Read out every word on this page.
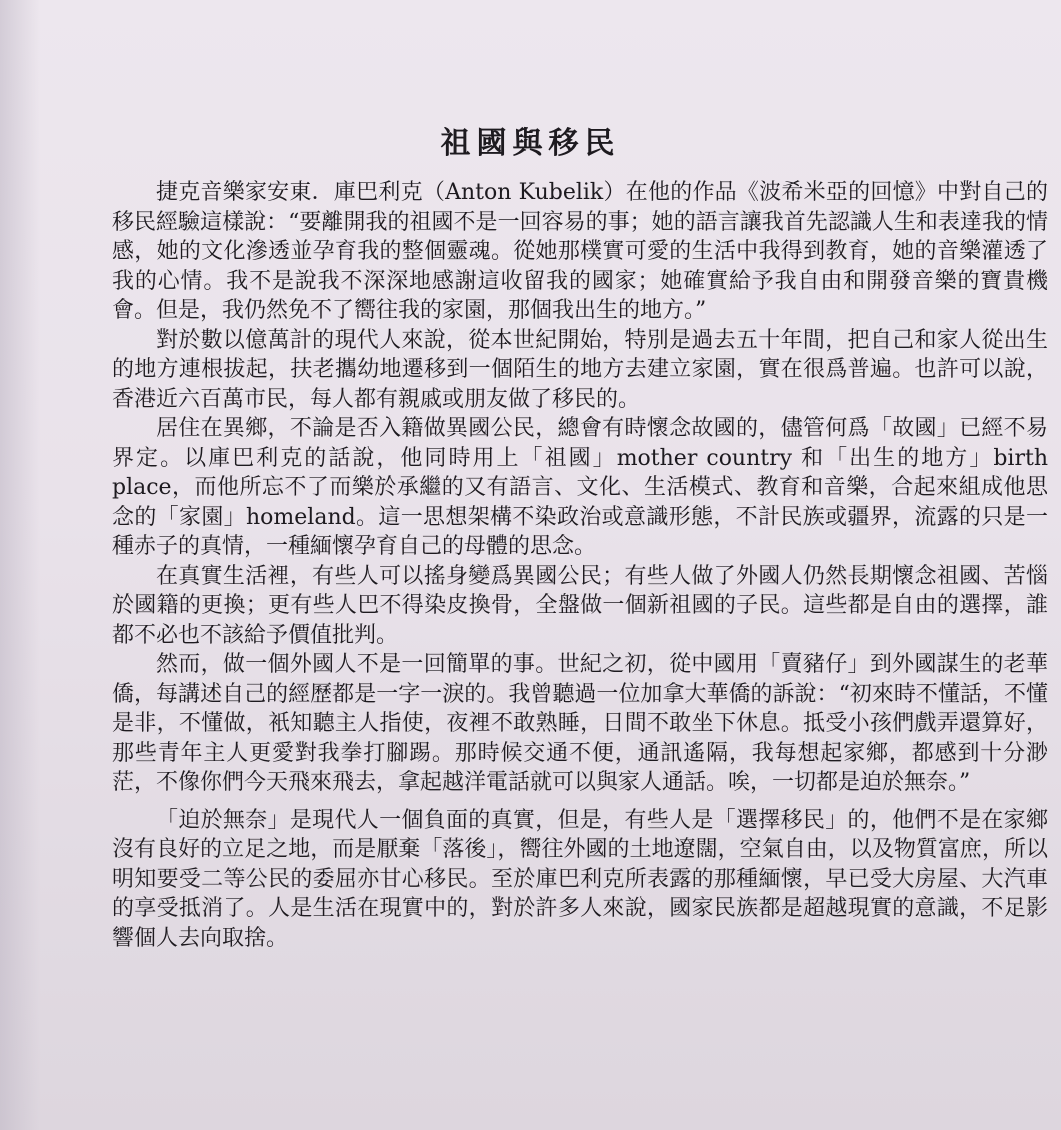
祖國與移民

捷克音樂家安東．庫巴利克（Anton Kubelik）在他的作品《波希米亞的回憶》中對自己的移民經驗這樣說：“要離開我的祖國不是一回容易的事；她的語言讓我首先認識人生和表達我的情感，她的文化滲透並孕育我的整個靈魂。從她那樸實可愛的生活中我得到教育，她的音樂灌透了我的心情。我不是說我不深深地感謝這收留我的國家；她確實給予我自由和開發音樂的寶貴機會。但是，我仍然免不了嚮往我的家園，那個我出生的地方。”

對於數以億萬計的現代人來說，從本世紀開始，特別是過去五十年間，把自己和家人從出生的地方連根拔起，扶老攜幼地遷移到一個陌生的地方去建立家園，實在很爲普遍。也許可以說，香港近六百萬市民，每人都有親戚或朋友做了移民的。

居住在異鄉，不論是否入籍做異國公民，總會有時懷念故國的，儘管何爲「故國」已經不易界定。以庫巴利克的話說，他同時用上「祖國」mother country 和「出生的地方」birth place，而他所忘不了而樂於承繼的又有語言、文化、生活模式、教育和音樂，合起來組成他思念的「家園」homeland。這一思想架構不染政治或意識形態，不計民族或疆界，流露的只是一種赤子的真情，一種緬懷孕育自己的母體的思念。

在真實生活裡，有些人可以搖身變爲異國公民；有些人做了外國人仍然長期懷念祖國、苦惱於國籍的更換；更有些人巴不得染皮換骨，全盤做一個新祖國的子民。這些都是自由的選擇，誰都不必也不該給予價值批判。

然而，做一個外國人不是一回簡單的事。世紀之初，從中國用「賣豬仔」到外國謀生的老華僑，每講述自己的經歷都是一字一淚的。我曾聽過一位加拿大華僑的訴說：“初來時不懂話，不懂是非，不懂做，衹知聽主人指使，夜裡不敢熟睡，日間不敢坐下休息。抵受小孩們戲弄還算好，那些青年主人更愛對我拳打腳踢。那時候交通不便，通訊遙隔，我每想起家鄉，都感到十分渺茫，不像你們今天飛來飛去，拿起越洋電話就可以與家人通話。唉，一切都是迫於無奈。”

「迫於無奈」是現代人一個負面的真實，但是，有些人是「選擇移民」的，他們不是在家鄉沒有良好的立足之地，而是厭棄「落後」，嚮往外國的土地遼闊，空氣自由，以及物質富庶，所以明知要受二等公民的委屈亦甘心移民。至於庫巴利克所表露的那種緬懷，早已受大房屋、大汽車的享受抵消了。人是生活在現實中的，對於許多人來說，國家民族都是超越現實的意識，不足影響個人去向取捨。
